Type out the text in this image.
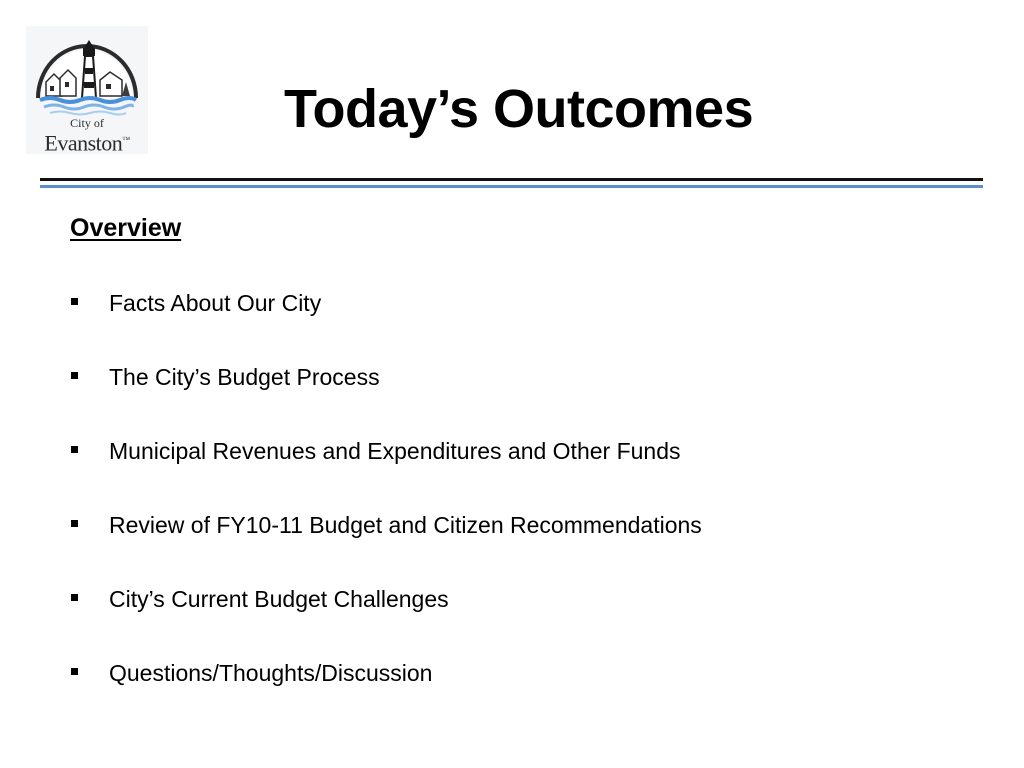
City of
Evanston™
Today’s Outcomes
Overview
Facts About Our City
The City’s Budget Process
Municipal Revenues and Expenditures and Other Funds
Review of FY10-11 Budget and Citizen Recommendations
City’s Current Budget Challenges
Questions/Thoughts/Discussion
